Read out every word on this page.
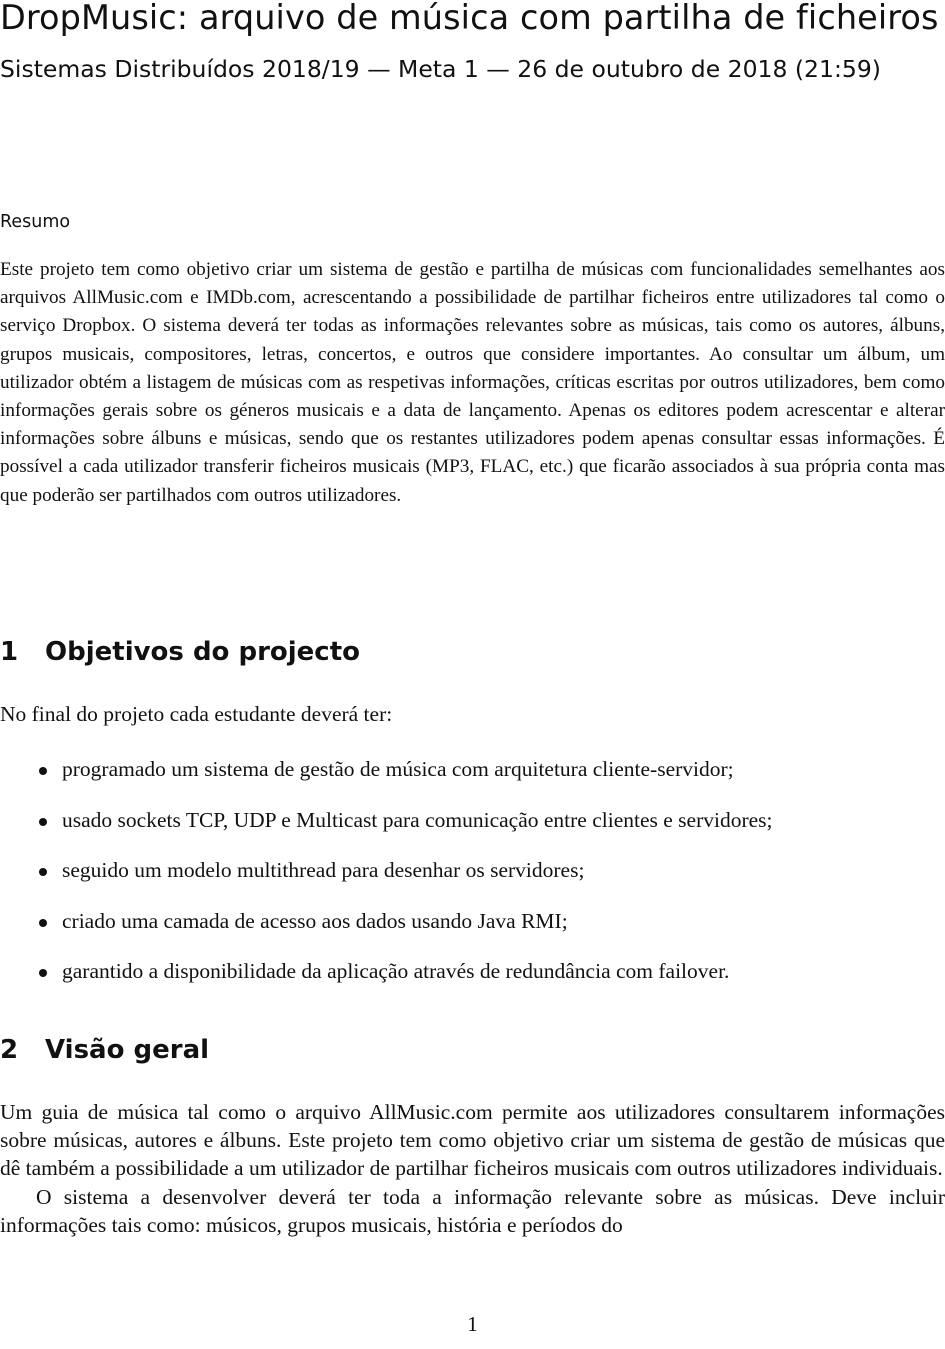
DropMusic: arquivo de música com partilha de ficheiros
Sistemas Distribuídos 2018/19 — Meta 1 — 26 de outubro de 2018 (21:59)
Resumo

Este projeto tem como objetivo criar um sistema de gestão e partilha de músicas com funcionalidades semelhantes aos arquivos AllMusic.com e IMDb.com, acrescentando a possibilidade de partilhar ficheiros entre utilizadores tal como o serviço Dropbox. O sistema deverá ter todas as informações relevantes sobre as músicas, tais como os autores, álbuns, grupos musicais, compositores, letras, concertos, e outros que considere importantes. Ao consultar um álbum, um utilizador obtém a listagem de músicas com as respetivas informações, críticas escritas por outros utilizadores, bem como informações gerais sobre os géneros musicais e a data de lançamento. Apenas os editores podem acrescentar e alterar informações sobre álbuns e músicas, sendo que os restantes utilizadores podem apenas consultar essas informações. É possível a cada utilizador transferir ficheiros musicais (MP3, FLAC, etc.) que ficarão associados à sua própria conta mas que poderão ser partilhados com outros utilizadores.

1 Objetivos do projecto

No final do projeto cada estudante deverá ter:

programado um sistema de gestão de música com arquitetura cliente-servidor;
usado sockets TCP, UDP e Multicast para comunicação entre clientes e servidores;
seguido um modelo multithread para desenhar os servidores;
criado uma camada de acesso aos dados usando Java RMI;
garantido a disponibilidade da aplicação através de redundância com failover.
2 Visão geral

Um guia de música tal como o arquivo AllMusic.com permite aos utilizadores consultarem informações sobre músicas, autores e álbuns. Este projeto tem como objetivo criar um sistema de gestão de músicas que dê também a possibilidade a um utilizador de partilhar ficheiros musicais com outros utilizadores individuais.

O sistema a desenvolver deverá ter toda a informação relevante sobre as músicas. Deve incluir informações tais como: músicos, grupos musicais, história e períodos do

1
